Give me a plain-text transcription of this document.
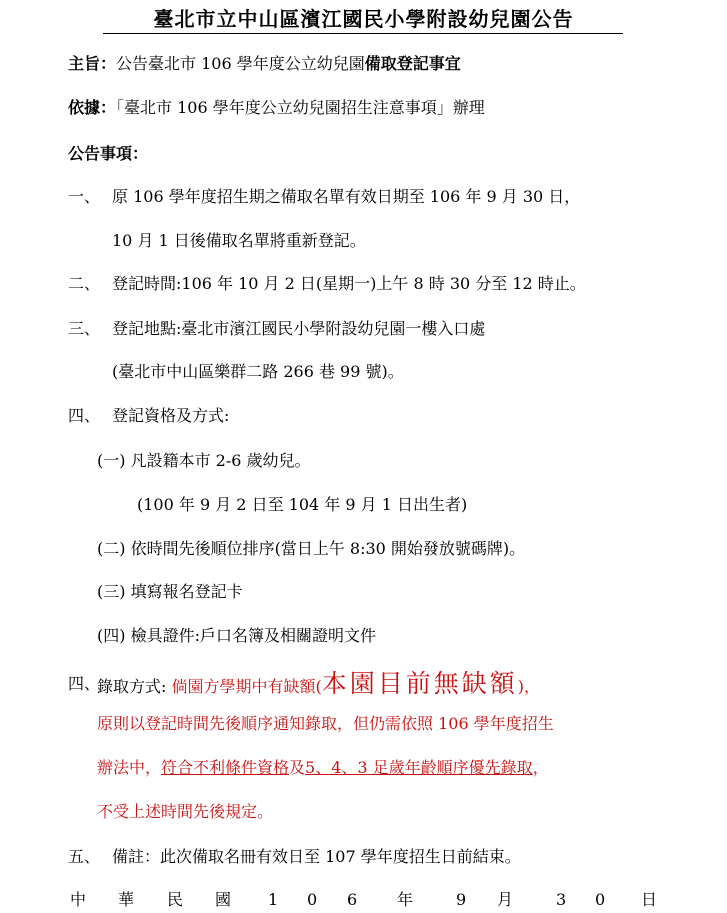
臺北市立中山區濱江國民小學附設幼兒園公告
主旨：公告臺北市 106 學年度公立幼兒園備取登記事宜
依據：「臺北市 106 學年度公立幼兒園招生注意事項」辦理
公告事項：
一、 原 106 學年度招生期之備取名單有效日期至 106 年 9 月 30 日，
10 月 1 日後備取名單將重新登記。
二、 登記時間:106 年 10 月 2 日(星期一)上午 8 時 30 分至 12 時止。
三、 登記地點:臺北市濱江國民小學附設幼兒園一樓入口處
(臺北市中山區樂群二路 266 巷 99 號)。
四、 登記資格及方式:
(一) 凡設籍本市 2-6 歲幼兒。
(100 年 9 月 2 日至 104 年 9 月 1 日出生者)
(二) 依時間先後順位排序(當日上午 8:30 開始發放號碼牌)。
(三) 填寫報名登記卡
(四) 檢具證件:戶口名簿及相關證明文件
四、
錄取方式: 倘園方學期中有缺額(本園目前無缺額)，
原則以登記時間先後順序通知錄取，但仍需依照 106 學年度招生
辦法中，符合不利條件資格及5、4、3 足歲年齡順序優先錄取，
不受上述時間先後規定。
五、 備註：此次備取名冊有效日至 107 學年度招生日前結束。
中 華 民 國 1 0 6 年	9 月	3 0 日
